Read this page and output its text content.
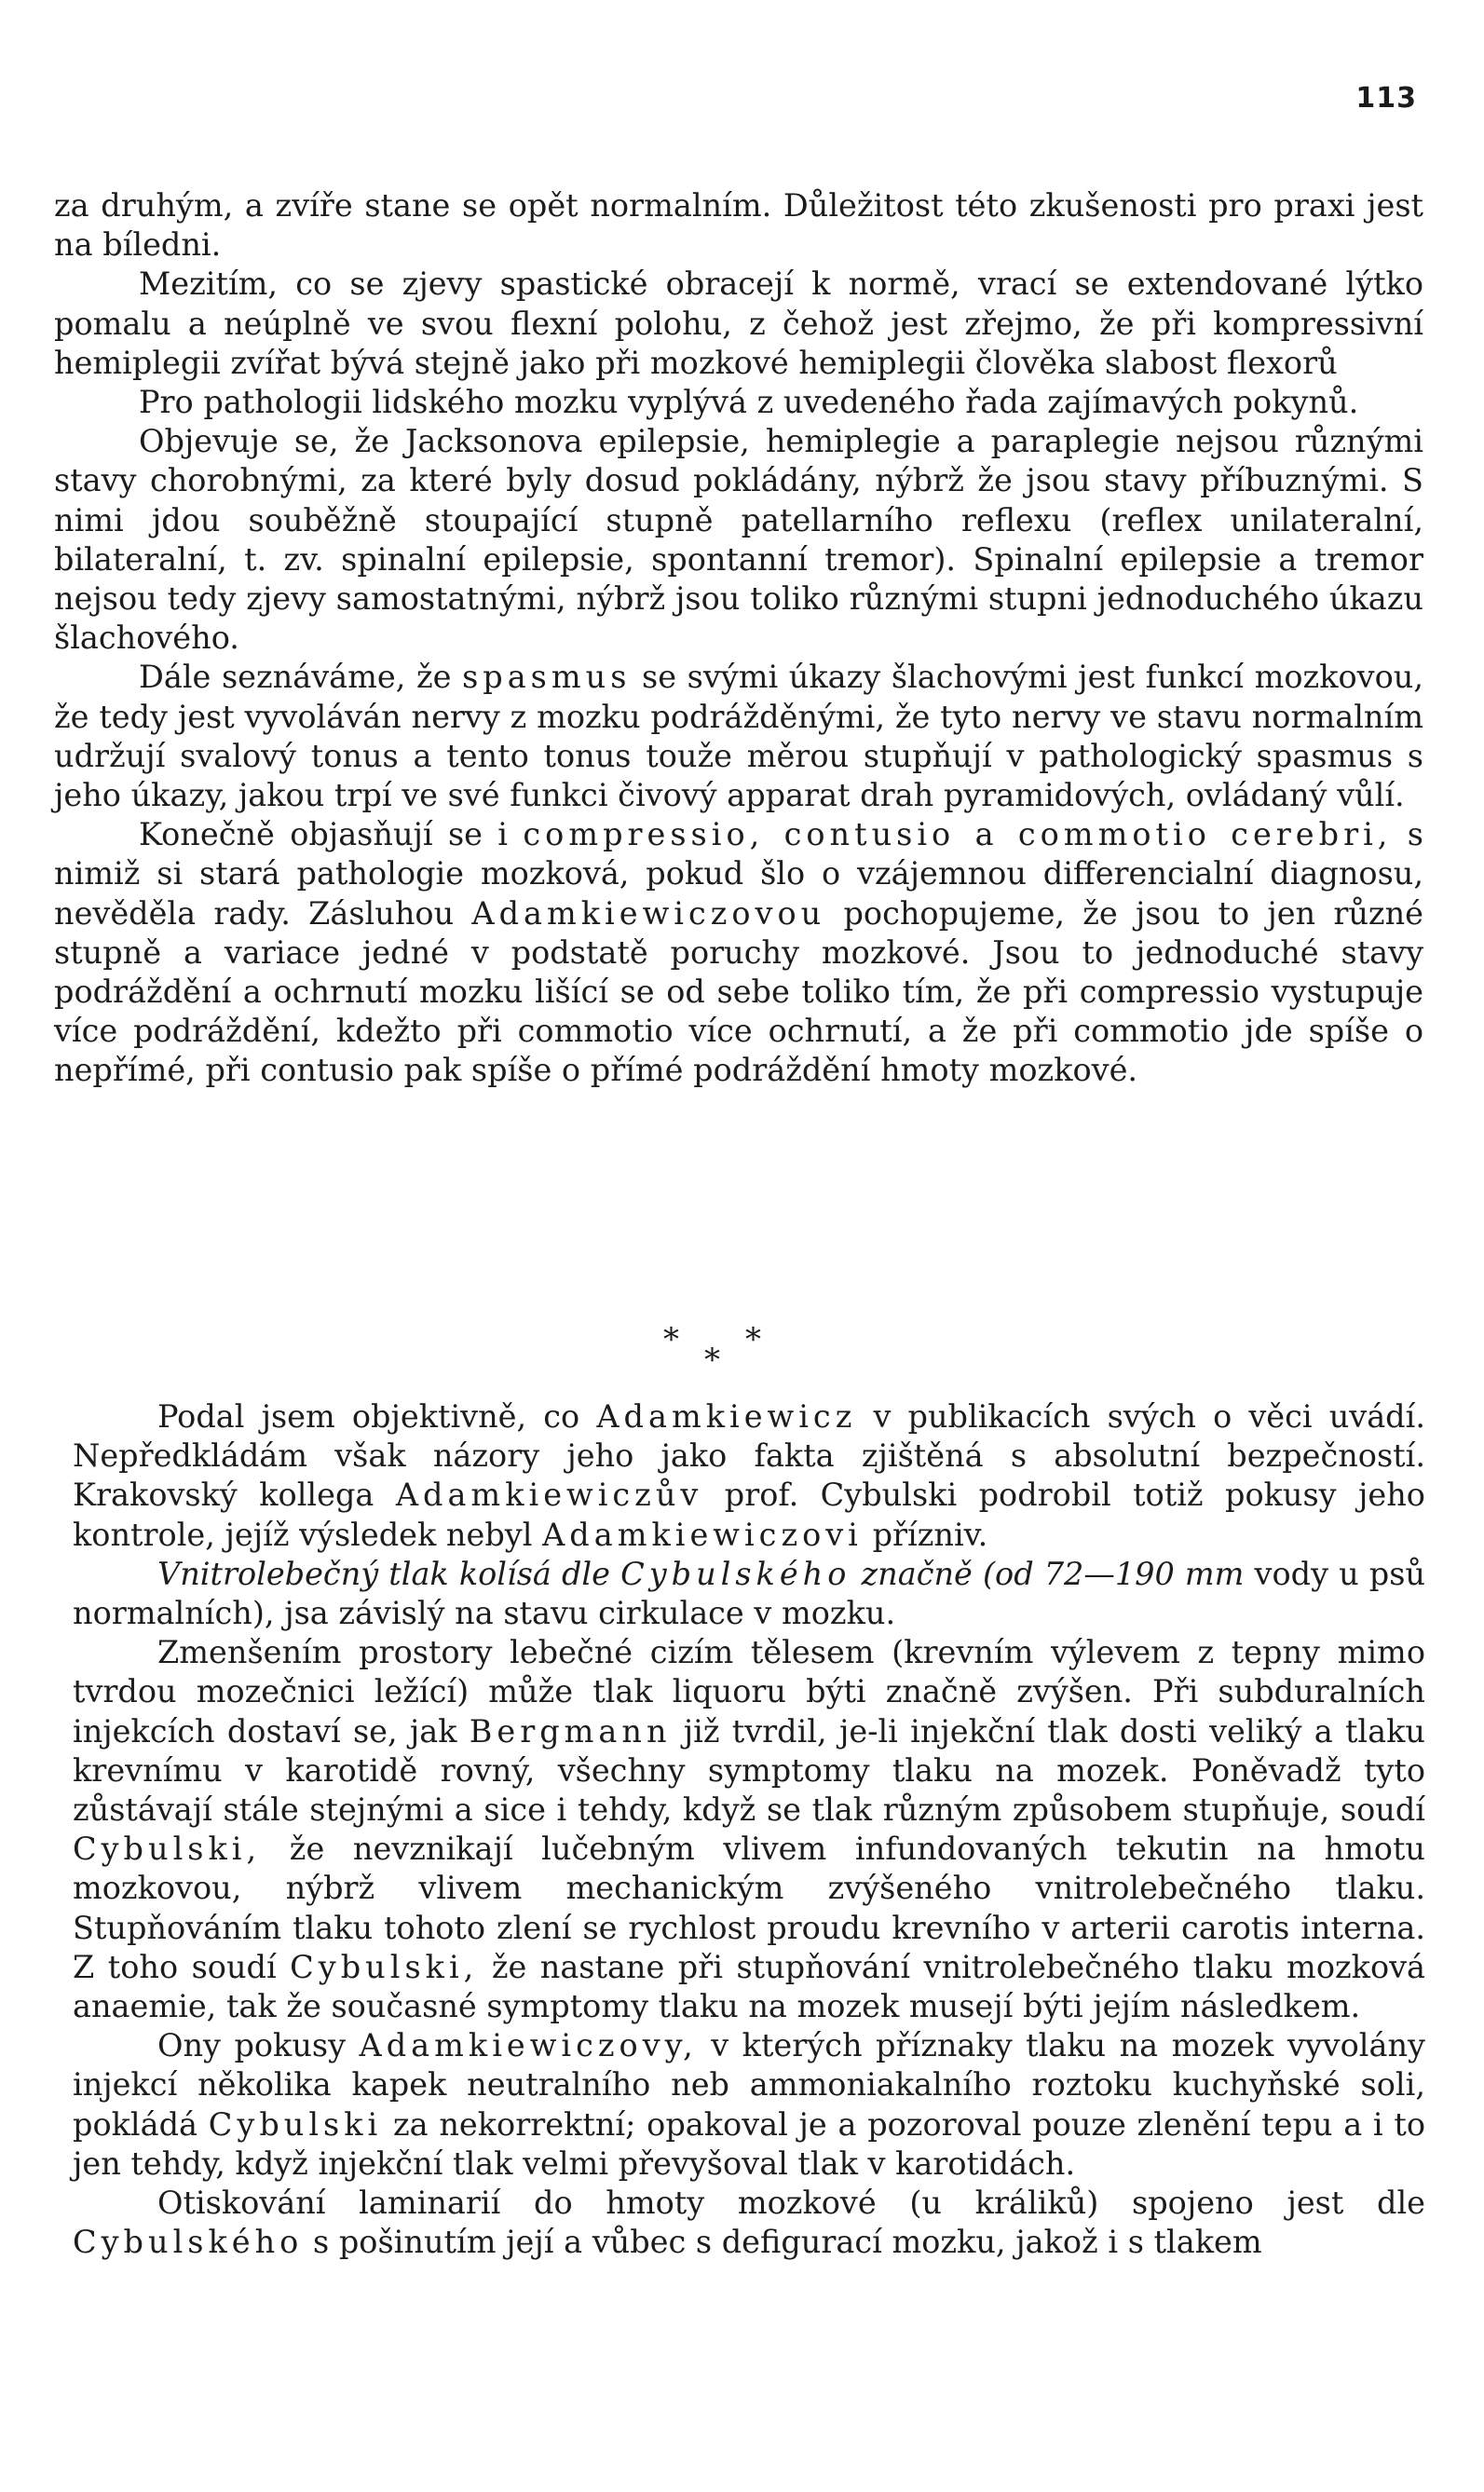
113

za druhým, a zvíře stane se opět normalním. Důležitost této zkušenosti pro praxi jest na bíledni.

Mezitím, co se zjevy spastické obracejí k normě, vrací se extendované lýtko pomalu a neúplně ve svou flexní polohu, z čehož jest zřejmo, že při kompressivní hemiplegii zvířat bývá stejně jako při mozkové hemiplegii člověka slabost flexorů

Pro pathologii lidského mozku vyplývá z uvedeného řada zajímavých pokynů.

Objevuje se, že Jacksonova epilepsie, hemiplegie a paraplegie nejsou různými stavy chorobnými, za které byly dosud pokládány, nýbrž že jsou stavy příbuznými. S nimi jdou souběžně stoupající stupně patellarního reflexu (reflex unilateralní, bilateralní, t. zv. spinalní epilepsie, spontanní tremor). Spinalní epilepsie a tremor nejsou tedy zjevy samostatnými, nýbrž jsou toliko různými stupni jednoduchého úkazu šlachového.

Dále seznáváme, že spasmus se svými úkazy šlachovými jest funkcí mozkovou, že tedy jest vyvoláván nervy z mozku podrážděnými, že tyto nervy ve stavu normalním udržují svalový tonus a tento tonus touže měrou stupňují v pathologický spasmus s jeho úkazy, jakou trpí ve své funkci čivový apparat drah pyramidových, ovládaný vůlí.

Konečně objasňují se i compressio, contusio a commotio cerebri, s nimiž si stará pathologie mozková, pokud šlo o vzájemnou differencialní diagnosu, nevěděla rady. Zásluhou Adamkiewiczovou pochopujeme, že jsou to jen různé stupně a variace jedné v podstatě poruchy mozkové. Jsou to jednoduché stavy podráždění a ochrnutí mozku lišící se od sebe toliko tím, že při compressio vystupuje více podráždění, kdežto při commotio více ochrnutí, a že při commotio jde spíše o nepřímé, při contusio pak spíše o přímé podráždění hmoty mozkové.

* *
*

Podal jsem objektivně, co Adamkiewicz v publikacích svých o věci uvádí. Nepředkládám však názory jeho jako fakta zjištěná s absolutní bezpečností. Krakovský kollega Adamkiewiczův prof. Cybulski podrobil totiž pokusy jeho kontrole, jejíž výsledek nebyl Adamkiewiczovi přízniv.

Vnitrolebečný tlak kolísá dle Cybulského značně (od 72—190 mm vody u psů normalních), jsa závislý na stavu cirkulace v mozku.

Zmenšením prostory lebečné cizím tělesem (krevním výlevem z tepny mimo tvrdou mozečnici ležící) může tlak liquoru býti značně zvýšen. Při subduralních injekcích dostaví se, jak Bergmann již tvrdil, je-li injekční tlak dosti veliký a tlaku krevnímu v karotidě rovný, všechny symptomy tlaku na mozek. Poněvadž tyto zůstávají stále stejnými a sice i tehdy, když se tlak různým způsobem stupňuje, soudí Cybulski, že nevznikají lučebným vlivem infundovaných tekutin na hmotu mozkovou, nýbrž vlivem mechanickým zvýšeného vnitrolebečného tlaku. Stupňováním tlaku tohoto zlení se rychlost proudu krevního v arterii carotis interna. Z toho soudí Cybulski, že nastane při stupňování vnitrolebečného tlaku mozková anaemie, tak že současné symptomy tlaku na mozek musejí býti jejím následkem.

Ony pokusy Adamkiewiczovy, v kterých příznaky tlaku na mozek vyvolány injekcí několika kapek neutralního neb ammoniakalního roztoku kuchyňské soli, pokládá Cybulski za nekorrektní; opakoval je a pozoroval pouze zlenění tepu a i to jen tehdy, když injekční tlak velmi převyšoval tlak v karotidách.

Otiskování laminarií do hmoty mozkové (u králiků) spojeno jest dle Cybulského s pošinutím její a vůbec s defigurací mozku, jakož i s tlakem
